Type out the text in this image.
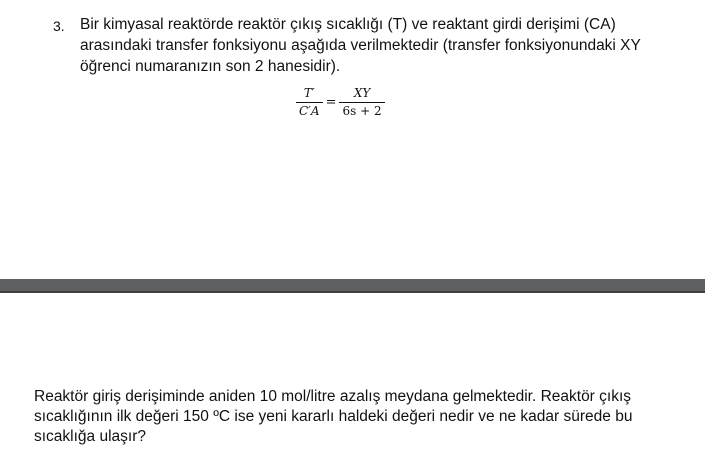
3. Bir kimyasal reaktörde reaktör çıkış sıcaklığı (T) ve reaktant girdi derişimi (CA) arasındaki transfer fonksiyonu aşağıda verilmektedir (transfer fonksiyonundaki XY öğrenci numaranızın son 2 hanesidir).
$\frac{T'}{C'A} = \frac{XY}{6s + 2}$
Reaktör giriş derişiminde aniden 10 mol/litre azalış meydana gelmektedir. Reaktör çıkış sıcaklığının ilk değeri 150 ºC ise yeni kararlı haldeki değeri nedir ve ne kadar sürede bu sıcaklığa ulaşır?
